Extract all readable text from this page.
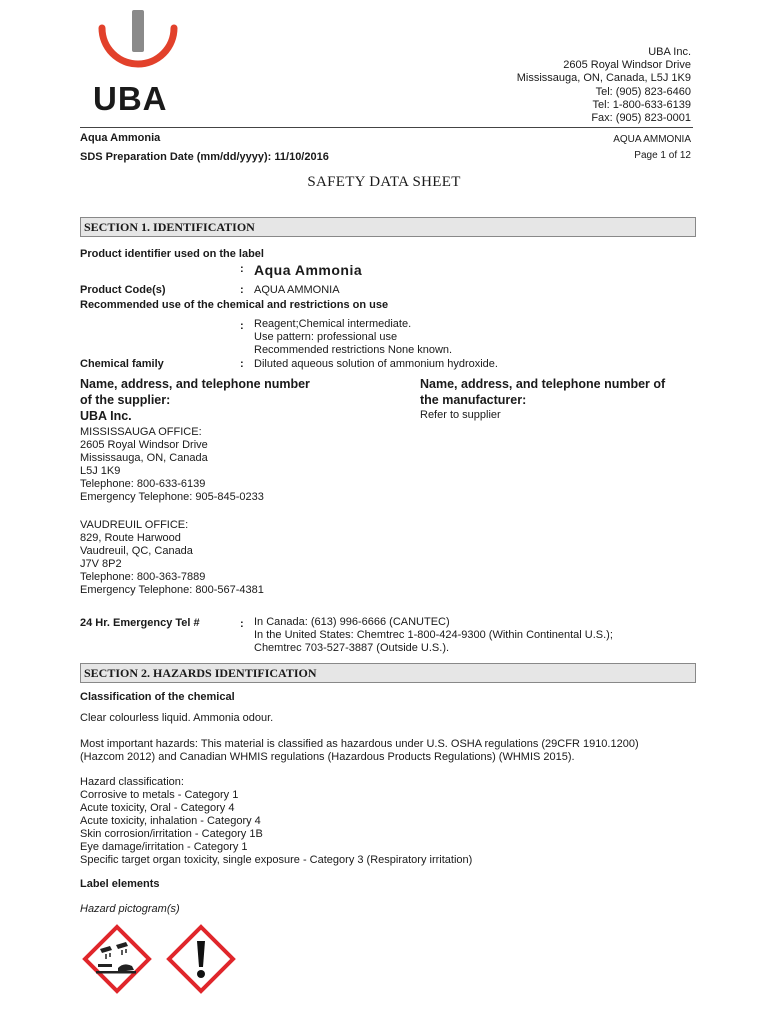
UBA
UBA Inc.
2605 Royal Windsor Drive
Mississauga, ON, Canada, L5J 1K9
Tel: (905) 823-6460
Tel: 1-800-633-6139
Fax: (905) 823-0001
Aqua Ammonia
SDS Preparation Date (mm/dd/yyyy): 11/10/2016
AQUA AMMONIA
Page 1 of 12
SAFETY DATA SHEET
SECTION 1. IDENTIFICATION
Product identifier used on the label
: Aqua Ammonia
Product Code(s)	: AQUA AMMONIA
Recommended use of the chemical and restrictions on use
: Reagent;Chemical intermediate.
Use pattern: professional use
Recommended restrictions None known.
Chemical family	: Diluted aqueous solution of ammonium hydroxide.
Name, address, and telephone number
of the supplier:
UBA Inc.
Name, address, and telephone number of
the manufacturer:
Refer to supplier
MISSISSAUGA OFFICE:
2605 Royal Windsor Drive
Mississauga, ON, Canada
L5J 1K9
Telephone: 800-633-6139
Emergency Telephone: 905-845-0233
VAUDREUIL OFFICE:
829, Route Harwood
Vaudreuil, QC, Canada
J7V 8P2
Telephone: 800-363-7889
Emergency Telephone: 800-567-4381
24 Hr. Emergency Tel #	: In Canada: (613) 996-6666 (CANUTEC)
In the United States: Chemtrec 1-800-424-9300 (Within Continental U.S.);
Chemtrec 703-527-3887 (Outside U.S.).
SECTION 2. HAZARDS IDENTIFICATION
Classification of the chemical
Clear colourless liquid. Ammonia odour.
Most important hazards: This material is classified as hazardous under U.S. OSHA regulations (29CFR 1910.1200)
(Hazcom 2012) and Canadian WHMIS regulations (Hazardous Products Regulations) (WHMIS 2015).
Hazard classification:
Corrosive to metals - Category 1
Acute toxicity, Oral - Category 4
Acute toxicity, inhalation - Category 4
Skin corrosion/irritation - Category 1B
Eye damage/irritation - Category 1
Specific target organ toxicity, single exposure - Category 3 (Respiratory irritation)
Label elements
Hazard pictogram(s)
